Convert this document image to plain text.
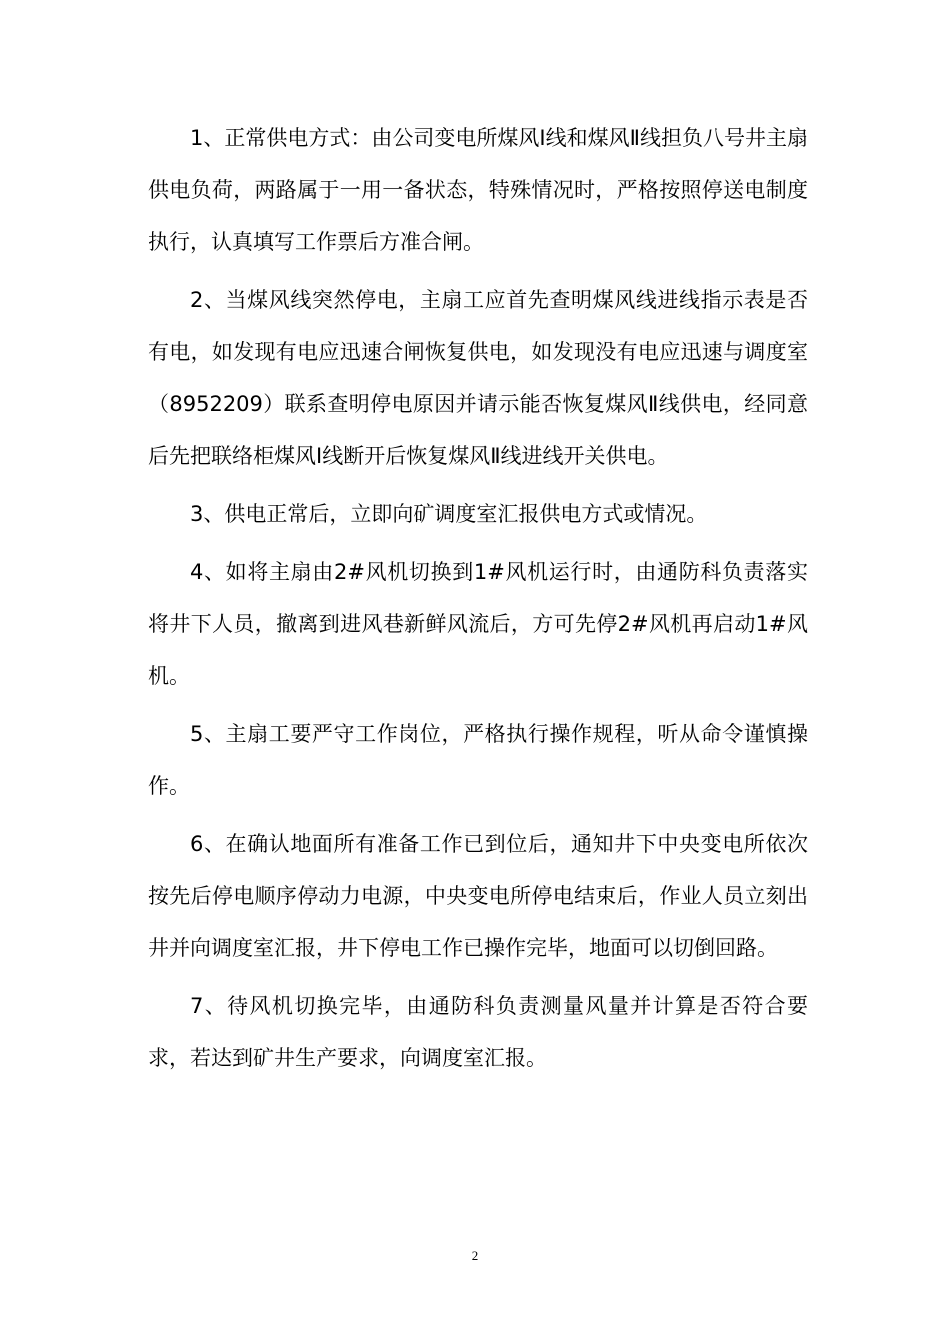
1、正常供电方式：由公司变电所煤风Ⅰ线和煤风Ⅱ线担负八号井主扇供电负荷，两路属于一用一备状态，特殊情况时，严格按照停送电制度执行，认真填写工作票后方准合闸。

2、当煤风线突然停电，主扇工应首先查明煤风线进线指示表是否有电，如发现有电应迅速合闸恢复供电，如发现没有电应迅速与调度室（8952209）联系查明停电原因并请示能否恢复煤风Ⅱ线供电，经同意后先把联络柜煤风Ⅰ线断开后恢复煤风Ⅱ线进线开关供电。

3、供电正常后，立即向矿调度室汇报供电方式或情况。

4、如将主扇由2#风机切换到1#风机运行时，由通防科负责落实将井下人员，撤离到进风巷新鲜风流后，方可先停2#风机再启动1#风机。

5、主扇工要严守工作岗位，严格执行操作规程，听从命令谨慎操作。

6、在确认地面所有准备工作已到位后，通知井下中央变电所依次按先后停电顺序停动力电源，中央变电所停电结束后，作业人员立刻出井并向调度室汇报，井下停电工作已操作完毕，地面可以切倒回路。

7、待风机切换完毕，由通防科负责测量风量并计算是否符合要求，若达到矿井生产要求，向调度室汇报。

2
